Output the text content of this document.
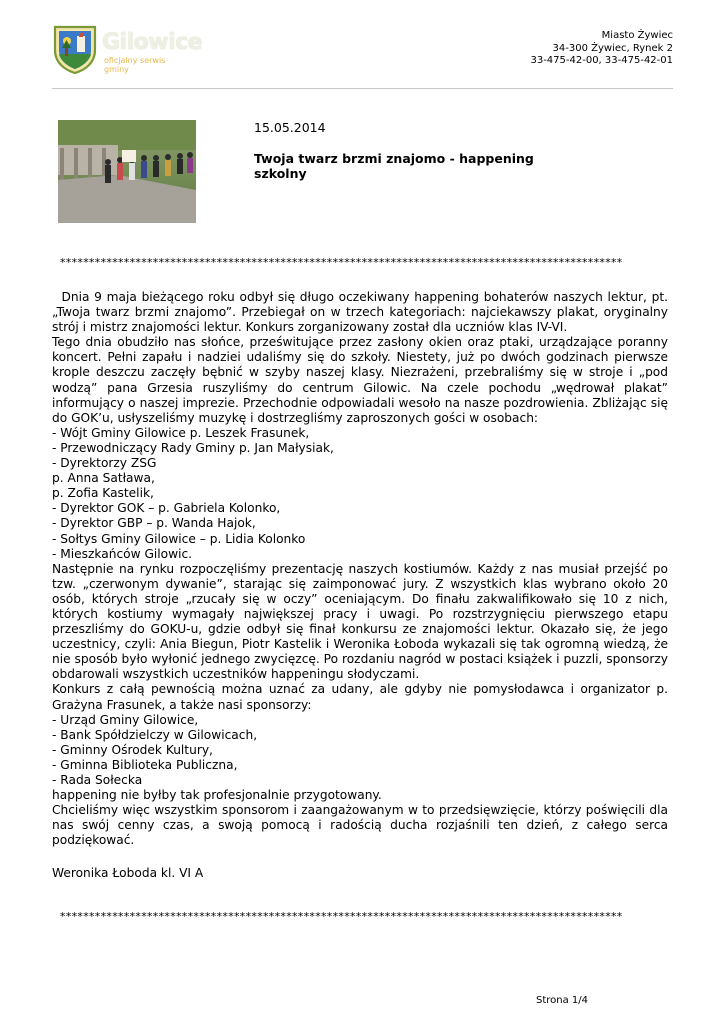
Gilowice
oficjalny serwis gminy
Miasto Żywiec
34-300 Żywiec, Rynek 2
33-475-42-00, 33-475-42-01
15.05.2014
Twoja twarz brzmi znajomo - happening szkolny
*************************************************************************************************

Dnia 9 maja bieżącego roku odbył się długo oczekiwany happening bohaterów naszych lektur, pt. „Twoja twarz brzmi znajomo”. Przebiegał on w trzech kategoriach: najciekawszy plakat, oryginalny strój i mistrz znajomości lektur. Konkurs zorganizowany został dla uczniów klas IV-VI.

Tego dnia obudziło nas słońce, prześwitujące przez zasłony okien oraz ptaki, urządzające poranny koncert. Pełni zapału i nadziei udaliśmy się do szkoły. Niestety, już po dwóch godzinach pierwsze krople deszczu zaczęły bębnić w szyby naszej klasy. Niezrażeni, przebraliśmy się w stroje i „pod wodzą” pana Grzesia ruszyliśmy do centrum Gilowic. Na czele pochodu „wędrował plakat” informujący o naszej imprezie. Przechodnie odpowiadali wesoło na nasze pozdrowienia. Zbliżając się do GOK’u, usłyszeliśmy muzykę i dostrzegliśmy zaproszonych gości w osobach:

- Wójt Gminy Gilowice p. Leszek Frasunek,

- Przewodniczący Rady Gminy p. Jan Małysiak,

- Dyrektorzy ZSG

p. Anna Satława,

p. Zofia Kastelik,

- Dyrektor GOK – p. Gabriela Kolonko,

- Dyrektor GBP – p. Wanda Hajok,

- Sołtys Gminy Gilowice – p. Lidia Kolonko

- Mieszkańców Gilowic.

Następnie na rynku rozpoczęliśmy prezentację naszych kostiumów. Każdy z nas musiał przejść po tzw. „czerwonym dywanie”, starając się zaimponować jury. Z wszystkich klas wybrano około 20 osób, których stroje „rzucały się w oczy” oceniającym. Do finału zakwalifikowało się 10 z nich, których kostiumy wymagały największej pracy i uwagi. Po rozstrzygnięciu pierwszego etapu przeszliśmy do GOKU-u, gdzie odbył się finał konkursu ze znajomości lektur. Okazało się, że jego uczestnicy, czyli: Ania Biegun, Piotr Kastelik i Weronika Łoboda wykazali się tak ogromną wiedzą, że nie sposób było wyłonić jednego zwycięzcę. Po rozdaniu nagród w postaci książek i puzzli, sponsorzy obdarowali wszystkich uczestników happeningu słodyczami.

Konkurs z całą pewnością można uznać za udany, ale gdyby nie pomysłodawca i organizator p. Grażyna Frasunek, a także nasi sponsorzy:

- Urząd Gminy Gilowice,

- Bank Spółdzielczy w Gilowicach,

- Gminny Ośrodek Kultury,

- Gminna Biblioteka Publiczna,

- Rada Sołecka

happening nie byłby tak profesjonalnie przygotowany.

Chcieliśmy więc wszystkim sponsorom i zaangażowanym w to przedsięwzięcie, którzy poświęcili dla nas swój cenny czas, a swoją pomocą i radością ducha rozjaśnili ten dzień, z całego serca podziękować.

Weronika Łoboda kl. VI A
*************************************************************************************************
Strona 1/4
